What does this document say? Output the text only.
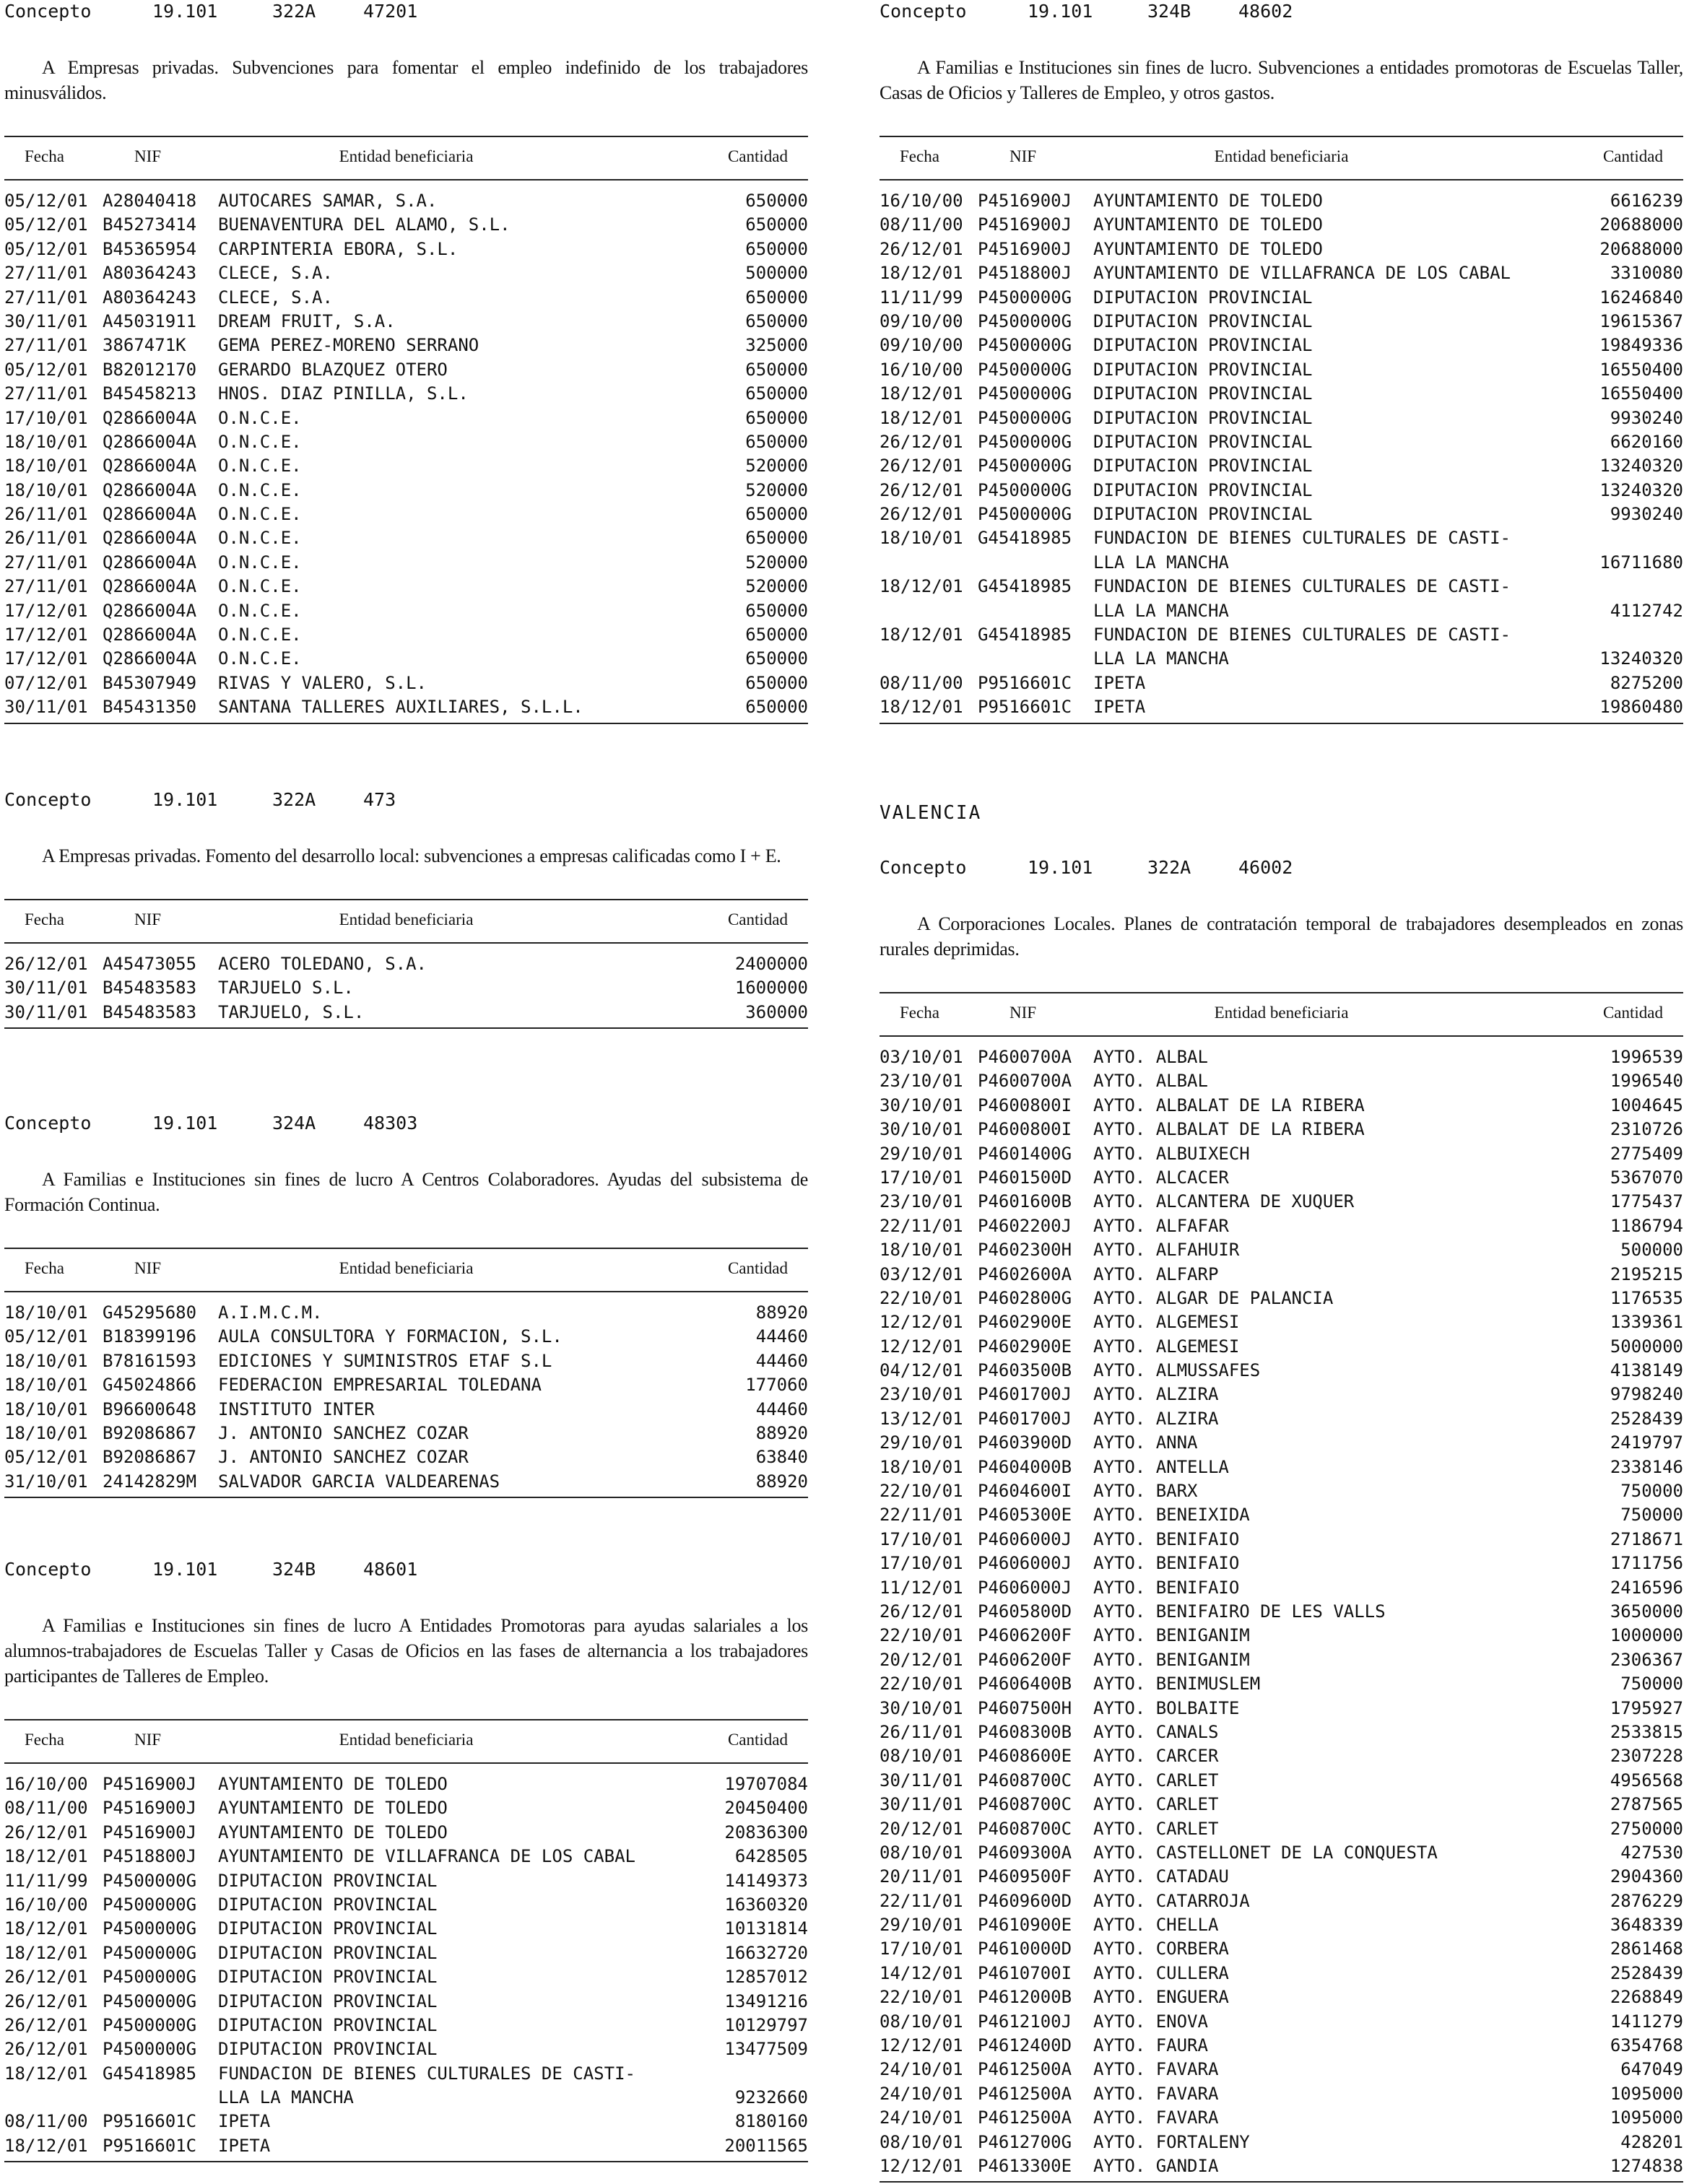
Concepto	19.101	322A	47201
A Empresas privadas. Subvenciones para fomentar el empleo indefinido de los trabajadores minusválidos.
Entidad beneficiaria
Fecha	NIF	Cantidad
05/12/01 A28040418 AUTOCARES SAMAR, S.A.	650000
05/12/01 B45273414 BUENAVENTURA DEL ALAMO, S.L.	650000
05/12/01 B45365954 CARPINTERIA EBORA, S.L.	650000
27/11/01 A80364243 CLECE, S.A.	500000
27/11/01 A80364243 CLECE, S.A.	650000
30/11/01 A45031911 DREAM FRUIT, S.A.	650000
27/11/01 3867471K GEMA PEREZ-MORENO SERRANO	325000
05/12/01 B82012170 GERARDO BLAZQUEZ OTERO	650000
27/11/01 B45458213 HNOS. DIAZ PINILLA, S.L.	650000
17/10/01 Q2866004A O.N.C.E.	650000
18/10/01 Q2866004A O.N.C.E.	650000
18/10/01 Q2866004A O.N.C.E.	520000
18/10/01 Q2866004A O.N.C.E.	520000
26/11/01 Q2866004A O.N.C.E.	650000
26/11/01 Q2866004A O.N.C.E.	650000
27/11/01 Q2866004A O.N.C.E.	520000
27/11/01 Q2866004A O.N.C.E.	520000
17/12/01 Q2866004A O.N.C.E.	650000
17/12/01 Q2866004A O.N.C.E.	650000
17/12/01 Q2866004A O.N.C.E.	650000
07/12/01 B45307949 RIVAS Y VALERO, S.L.	650000
30/11/01 B45431350 SANTANA TALLERES AUXILIARES, S.L.L.	650000
Concepto	19.101	322A	473
A Empresas privadas. Fomento del desarrollo local: subvenciones a empresas calificadas como I + E.
Entidad beneficiaria
Fecha	NIF	Cantidad
26/12/01 A45473055 ACERO TOLEDANO, S.A.	2400000
30/11/01 B45483583 TARJUELO S.L.	1600000
30/11/01 B45483583 TARJUELO, S.L.	360000
Concepto	19.101	324A	48303
A Familias e Instituciones sin fines de lucro A Centros Colaboradores. Ayudas del subsistema de Formación Continua.
Entidad beneficiaria
Fecha	NIF	Cantidad
18/10/01 G45295680 A.I.M.C.M.	88920
05/12/01 B18399196 AULA CONSULTORA Y FORMACION, S.L.	44460
18/10/01 B78161593 EDICIONES Y SUMINISTROS ETAF S.L	44460
18/10/01 G45024866 FEDERACION EMPRESARIAL TOLEDANA	177060
18/10/01 B96600648 INSTITUTO INTER	44460
18/10/01 B92086867 J. ANTONIO SANCHEZ COZAR	88920
05/12/01 B92086867 J. ANTONIO SANCHEZ COZAR	63840
31/10/01 24142829M SALVADOR GARCIA VALDEARENAS	88920
Concepto	19.101	324B	48601
A Familias e Instituciones sin fines de lucro A Entidades Promotoras para ayudas salariales a los alumnos-trabajadores de Escuelas Taller y Casas de Oficios en las fases de alternancia a los trabajadores participantes de Talleres de Empleo.
Entidad beneficiaria
Fecha	NIF	Cantidad
16/10/00 P4516900J AYUNTAMIENTO DE TOLEDO	19707084
08/11/00 P4516900J AYUNTAMIENTO DE TOLEDO	20450400
26/12/01 P4516900J AYUNTAMIENTO DE TOLEDO	20836300
18/12/01 P4518800J AYUNTAMIENTO DE VILLAFRANCA DE LOS CABAL	6428505
11/11/99 P4500000G DIPUTACION PROVINCIAL	14149373
16/10/00 P4500000G DIPUTACION PROVINCIAL	16360320
18/12/01 P4500000G DIPUTACION PROVINCIAL	10131814
18/12/01 P4500000G DIPUTACION PROVINCIAL	16632720
26/12/01 P4500000G DIPUTACION PROVINCIAL	12857012
26/12/01 P4500000G DIPUTACION PROVINCIAL	13491216
26/12/01 P4500000G DIPUTACION PROVINCIAL	10129797
26/12/01 P4500000G DIPUTACION PROVINCIAL	13477509
18/12/01 G45418985 FUNDACION DE BIENES CULTURALES DE CASTI-
LLA LA MANCHA	9232660
08/11/00 P9516601C IPETA	8180160
18/12/01 P9516601C IPETA	20011565
Concepto	19.101	324B	48602
A Familias e Instituciones sin fines de lucro. Subvenciones a entidades promotoras de Escuelas Taller, Casas de Oficios y Talleres de Empleo, y otros gastos.
Entidad beneficiaria
Fecha	NIF	Cantidad
16/10/00 P4516900J AYUNTAMIENTO DE TOLEDO	6616239
08/11/00 P4516900J AYUNTAMIENTO DE TOLEDO	20688000
26/12/01 P4516900J AYUNTAMIENTO DE TOLEDO	20688000
18/12/01 P4518800J AYUNTAMIENTO DE VILLAFRANCA DE LOS CABAL	3310080
11/11/99 P4500000G DIPUTACION PROVINCIAL	16246840
09/10/00 P4500000G DIPUTACION PROVINCIAL	19615367
09/10/00 P4500000G DIPUTACION PROVINCIAL	19849336
16/10/00 P4500000G DIPUTACION PROVINCIAL	16550400
18/12/01 P4500000G DIPUTACION PROVINCIAL	16550400
18/12/01 P4500000G DIPUTACION PROVINCIAL	9930240
26/12/01 P4500000G DIPUTACION PROVINCIAL	6620160
26/12/01 P4500000G DIPUTACION PROVINCIAL	13240320
26/12/01 P4500000G DIPUTACION PROVINCIAL	13240320
26/12/01 P4500000G DIPUTACION PROVINCIAL	9930240
18/10/01 G45418985 FUNDACION DE BIENES CULTURALES DE CASTI-
LLA LA MANCHA	16711680
18/12/01 G45418985 FUNDACION DE BIENES CULTURALES DE CASTI-
LLA LA MANCHA	4112742
18/12/01 G45418985 FUNDACION DE BIENES CULTURALES DE CASTI-
LLA LA MANCHA	13240320
08/11/00 P9516601C IPETA	8275200
18/12/01 P9516601C IPETA	19860480
VALENCIA
Concepto	19.101	322A	46002
A Corporaciones Locales. Planes de contratación temporal de trabajadores desempleados en zonas rurales deprimidas.
Entidad beneficiaria
Fecha	NIF	Cantidad
03/10/01 P4600700A AYTO. ALBAL	1996539
23/10/01 P4600700A AYTO. ALBAL	1996540
30/10/01 P4600800I AYTO. ALBALAT DE LA RIBERA	1004645
30/10/01 P4600800I AYTO. ALBALAT DE LA RIBERA	2310726
29/10/01 P4601400G AYTO. ALBUIXECH	2775409
17/10/01 P4601500D AYTO. ALCACER	5367070
23/10/01 P4601600B AYTO. ALCANTERA DE XUQUER	1775437
22/11/01 P4602200J AYTO. ALFAFAR	1186794
18/10/01 P4602300H AYTO. ALFAHUIR	500000
03/12/01 P4602600A AYTO. ALFARP	2195215
22/10/01 P4602800G AYTO. ALGAR DE PALANCIA	1176535
12/12/01 P4602900E AYTO. ALGEMESI	1339361
12/12/01 P4602900E AYTO. ALGEMESI	5000000
04/12/01 P4603500B AYTO. ALMUSSAFES	4138149
23/10/01 P4601700J AYTO. ALZIRA	9798240
13/12/01 P4601700J AYTO. ALZIRA	2528439
29/10/01 P4603900D AYTO. ANNA	2419797
18/10/01 P4604000B AYTO. ANTELLA	2338146
22/10/01 P4604600I AYTO. BARX	750000
22/11/01 P4605300E AYTO. BENEIXIDA	750000
17/10/01 P4606000J AYTO. BENIFAIO	2718671
17/10/01 P4606000J AYTO. BENIFAIO	1711756
11/12/01 P4606000J AYTO. BENIFAIO	2416596
26/12/01 P4605800D AYTO. BENIFAIRO DE LES VALLS	3650000
22/10/01 P4606200F AYTO. BENIGANIM	1000000
20/12/01 P4606200F AYTO. BENIGANIM	2306367
22/10/01 P4606400B AYTO. BENIMUSLEM	750000
30/10/01 P4607500H AYTO. BOLBAITE	1795927
26/11/01 P4608300B AYTO. CANALS	2533815
08/10/01 P4608600E AYTO. CARCER	2307228
30/11/01 P4608700C AYTO. CARLET	4956568
30/11/01 P4608700C AYTO. CARLET	2787565
20/12/01 P4608700C AYTO. CARLET	2750000
08/10/01 P4609300A AYTO. CASTELLONET DE LA CONQUESTA	427530
20/11/01 P4609500F AYTO. CATADAU	2904360
22/11/01 P4609600D AYTO. CATARROJA	2876229
29/10/01 P4610900E AYTO. CHELLA	3648339
17/10/01 P4610000D AYTO. CORBERA	2861468
14/12/01 P4610700I AYTO. CULLERA	2528439
22/10/01 P4612000B AYTO. ENGUERA	2268849
08/10/01 P4612100J AYTO. ENOVA	1411279
12/12/01 P4612400D AYTO. FAURA	6354768
24/10/01 P4612500A AYTO. FAVARA	647049
24/10/01 P4612500A AYTO. FAVARA	1095000
24/10/01 P4612500A AYTO. FAVARA	1095000
08/10/01 P4612700G AYTO. FORTALENY	428201
12/12/01 P4613300E AYTO. GANDIA	1274838
